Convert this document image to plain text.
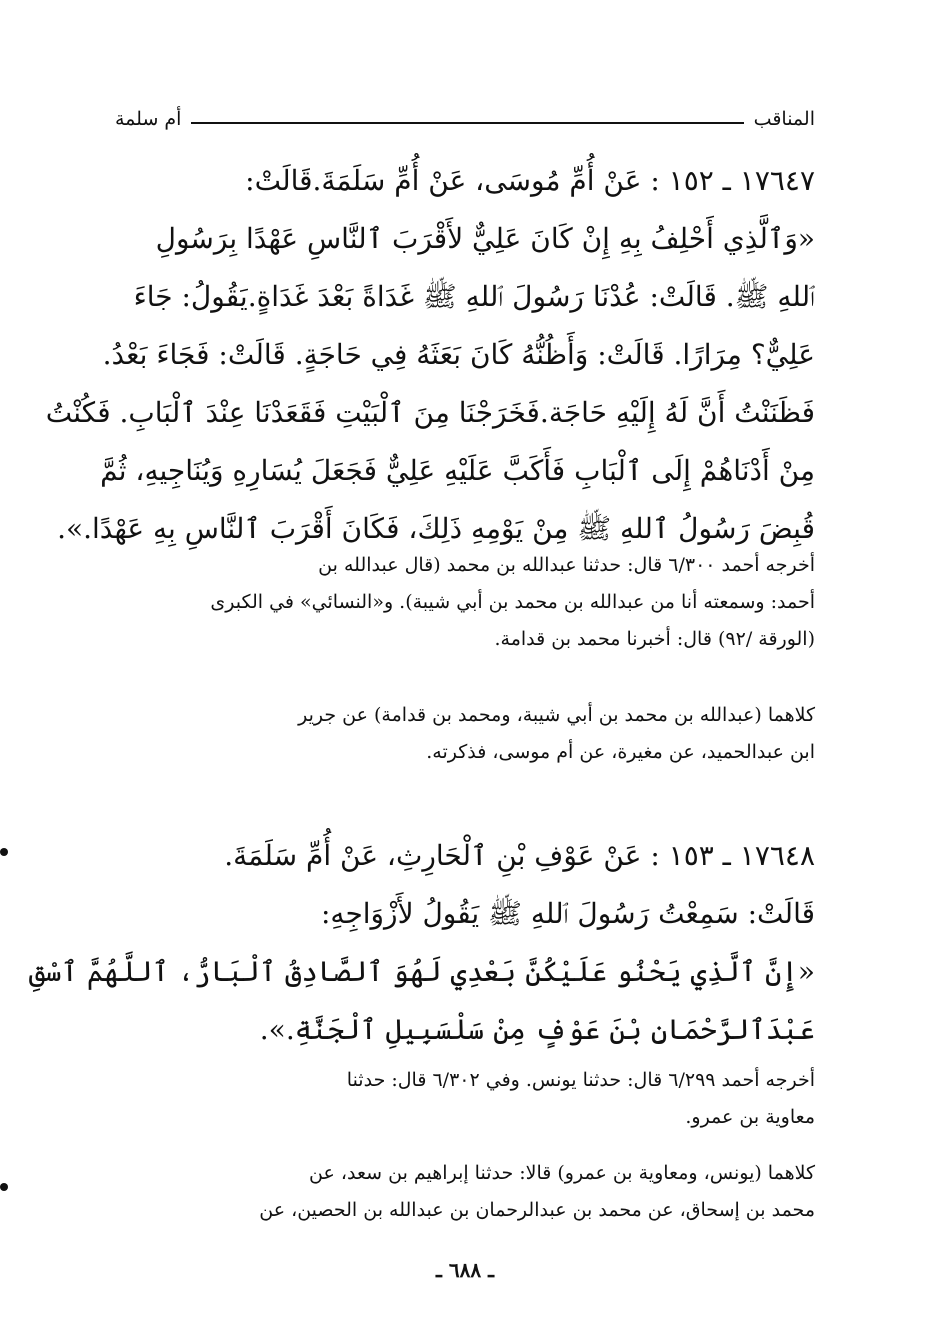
المناقب
أم سلمة
١٧٦٤٧ ـ ١٥٢ : عَنْ أُمِّ مُوسَى، عَنْ أُمِّ سَلَمَةَ.قَالَتْ:
«وَٱلَّذِي أَحْلِفُ بِهِ إِنْ كَانَ عَلِيٌّ لأَقْرَبَ ٱلنَّاسِ عَهْدًا بِرَسُولِ
ٱللهِ ﷺ. قَالَتْ: عُدْنَا رَسُولَ ٱللهِ ﷺ غَدَاةً بَعْدَ غَدَاةٍ.يَقُولُ: جَاءَ
عَلِيٌّ؟ مِرَارًا. قَالَتْ: وَأَظُنُّهُ كَانَ بَعَثَهُ فِي حَاجَةٍ. قَالَتْ: فَجَاءَ بَعْدُ.
فَظَنَنْتُ أَنَّ لَهُ إِلَيْهِ حَاجَة.فَخَرَجْنَا مِنَ ٱلْبَيْتِ فَقَعَدْنَا عِنْدَ ٱلْبَابِ. فَكُنْتُ
مِنْ أَدْنَاهُمْ إِلَى ٱلْبَابِ فَأَكَبَّ عَلَيْهِ عَلِيٌّ فَجَعَلَ يُسَارِهِ وَيُنَاجِيهِ، ثُمَّ
قُبِضَ رَسُولُ ٱللهِ ﷺ مِنْ يَوْمِهِ ذَلِكَ، فَكَانَ أَقْرَبَ ٱلنَّاسِ بِهِ عَهْدًا.».
أخرجه أحمد ٦/٣٠٠ قال: حدثنا عبدالله بن محمد (قال عبدالله بن
أحمد: وسمعته أنا من عبدالله بن محمد بن أبي شيبة). و«النسائي» في الكبرى
(الورقة /٩٢) قال: أخبرنا محمد بن قدامة.
كلاهما (عبدالله بن محمد بن أبي شيبة، ومحمد بن قدامة) عن جرير
ابن عبدالحميد، عن مغيرة، عن أم موسى، فذكرته.
١٧٦٤٨ ـ ١٥٣ : عَنْ عَوْفِ بْنِ ٱلْحَارِثِ، عَنْ أُمِّ سَلَمَةَ.
قَالَتْ: سَمِعْتُ رَسُولَ ٱللهِ ﷺ يَقُولُ لأَزْوَاجِهِ:
«إِنَّ ٱلَّذِي يَحْنُو عَلَيْكُنَّ بَعْدِي لَهُوَ ٱلصَّادِقُ ٱلْبَارُّ، ٱللَّهُمَّ ٱسْقِ
عَبْدَٱلرَّحْمَانِ بْنَ عَوْفٍ مِنْ سَلْسَبِيلِ ٱلْجَنَّةِ.».
أخرجه أحمد ٦/٢٩٩ قال: حدثنا يونس. وفي ٦/٣٠٢ قال: حدثنا
معاوية بن عمرو.
كلاهما (يونس، ومعاوية بن عمرو) قالا: حدثنا إبراهيم بن سعد، عن
محمد بن إسحاق، عن محمد بن عبدالرحمان بن عبدالله بن الحصين، عن
ـ ٦٨٨ ـ
